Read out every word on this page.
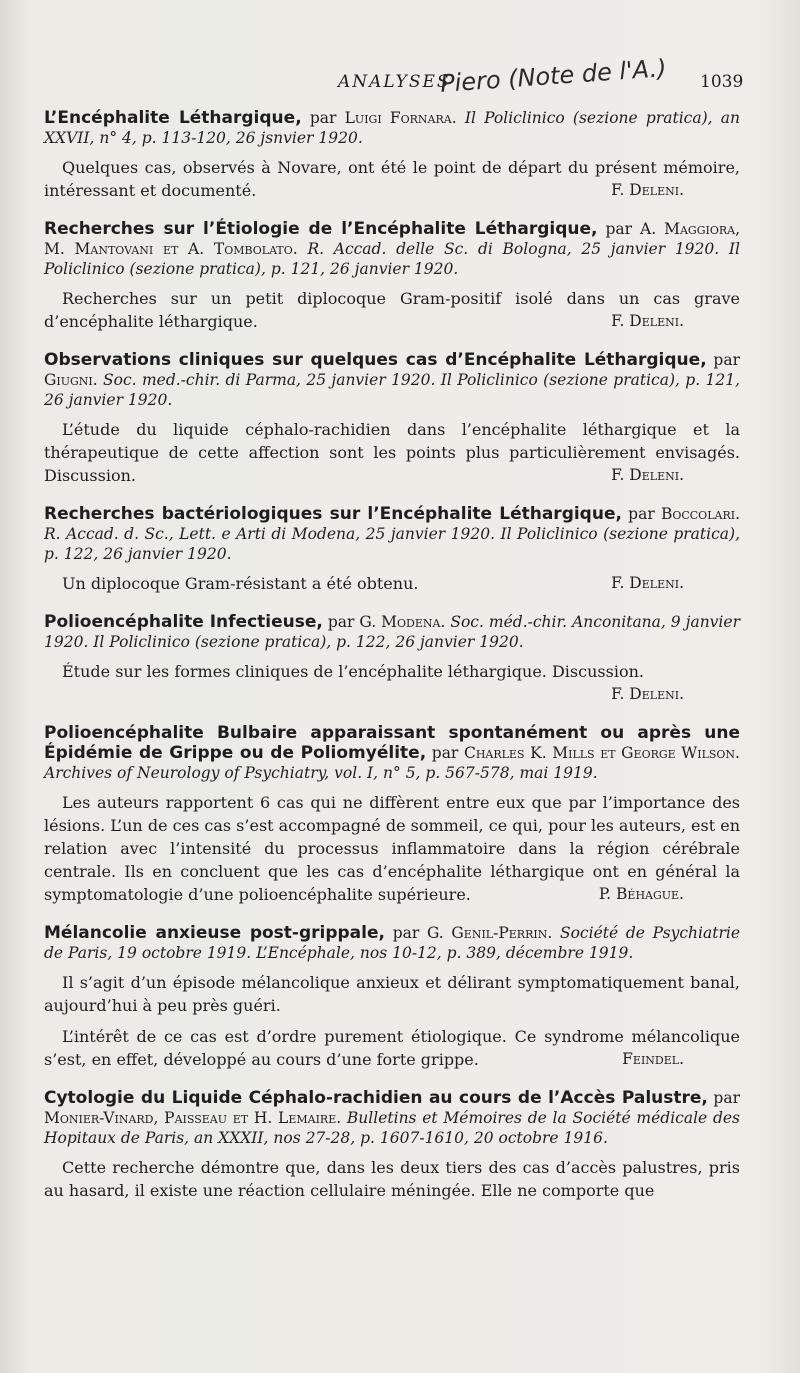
ANALYSES
Piero (Note de l'A.) 1039

L’Encéphalite Léthargique, par Luigi Fornara. Il Policlinico (sezione pratica), an XXVII, n° 4, p. 113-120, 26 jsnvier 1920.

Quelques cas, observés à Novare, ont été le point de départ du présent mémoire, intéressant et documenté.	F. Deleni.

Recherches sur l’Étiologie de l’Encéphalite Léthargique, par A. Maggiora, M. Mantovani et A. Tombolato. R. Accad. delle Sc. di Bologna, 25 janvier 1920. Il Policlinico (sezione pratica), p. 121, 26 janvier 1920.

Recherches sur un petit diplocoque Gram-positif isolé dans un cas grave d’encéphalite léthargique.	F. Deleni.

Observations cliniques sur quelques cas d’Encéphalite Léthargique, par Giugni. Soc. med.-chir. di Parma, 25 janvier 1920. Il Policlinico (sezione pratica), p. 121, 26 janvier 1920.

L’étude du liquide céphalo-rachidien dans l’encéphalite léthargique et la thérapeutique de cette affection sont les points plus particulièrement envisagés. Discussion.	F. Deleni.

Recherches bactériologiques sur l’Encéphalite Léthargique, par Boccolari. R. Accad. d. Sc., Lett. e Arti di Modena, 25 janvier 1920. Il Policlinico (sezione pratica), p. 122, 26 janvier 1920.

Un diplocoque Gram-résistant a été obtenu.	F. Deleni.

Polioencéphalite Infectieuse, par G. Modena. Soc. méd.-chir. Anconitana, 9 janvier 1920. Il Policlinico (sezione pratica), p. 122, 26 janvier 1920.

Étude sur les formes cliniques de l’encéphalite léthargique. Discussion.
F. Deleni.

Polioencéphalite Bulbaire apparaissant spontanément ou après une Épidémie de Grippe ou de Poliomyélite, par Charles K. Mills et George Wilson. Archives of Neurology of Psychiatry, vol. I, n° 5, p. 567-578, mai 1919.

Les auteurs rapportent 6 cas qui ne diffèrent entre eux que par l’importance des lésions. L’un de ces cas s’est accompagné de sommeil, ce qui, pour les auteurs, est en relation avec l’intensité du processus inflammatoire dans la région cérébrale centrale. Ils en concluent que les cas d’encéphalite léthargique ont en général la symptomatologie d’une polioencéphalite supérieure.	P. Béhague.

Mélancolie anxieuse post-grippale, par G. Genil-Perrin. Société de Psychiatrie de Paris, 19 octobre 1919. L’Encéphale, nos 10-12, p. 389, décembre 1919.

Il s’agit d’un épisode mélancolique anxieux et délirant symptomatiquement banal, aujourd’hui à peu près guéri.

L’intérêt de ce cas est d’ordre purement étiologique. Ce syndrome mélancolique s’est, en effet, développé au cours d’une forte grippe.	Feindel.

Cytologie du Liquide Céphalo-rachidien au cours de l’Accès Palustre, par Monier-Vinard, Paisseau et H. Lemaire. Bulletins et Mémoires de la Société médicale des Hopitaux de Paris, an XXXII, nos 27-28, p. 1607-1610, 20 octobre 1916.

Cette recherche démontre que, dans les deux tiers des cas d’accès palustres, pris au hasard, il existe une réaction cellulaire méningée. Elle ne comporte que
